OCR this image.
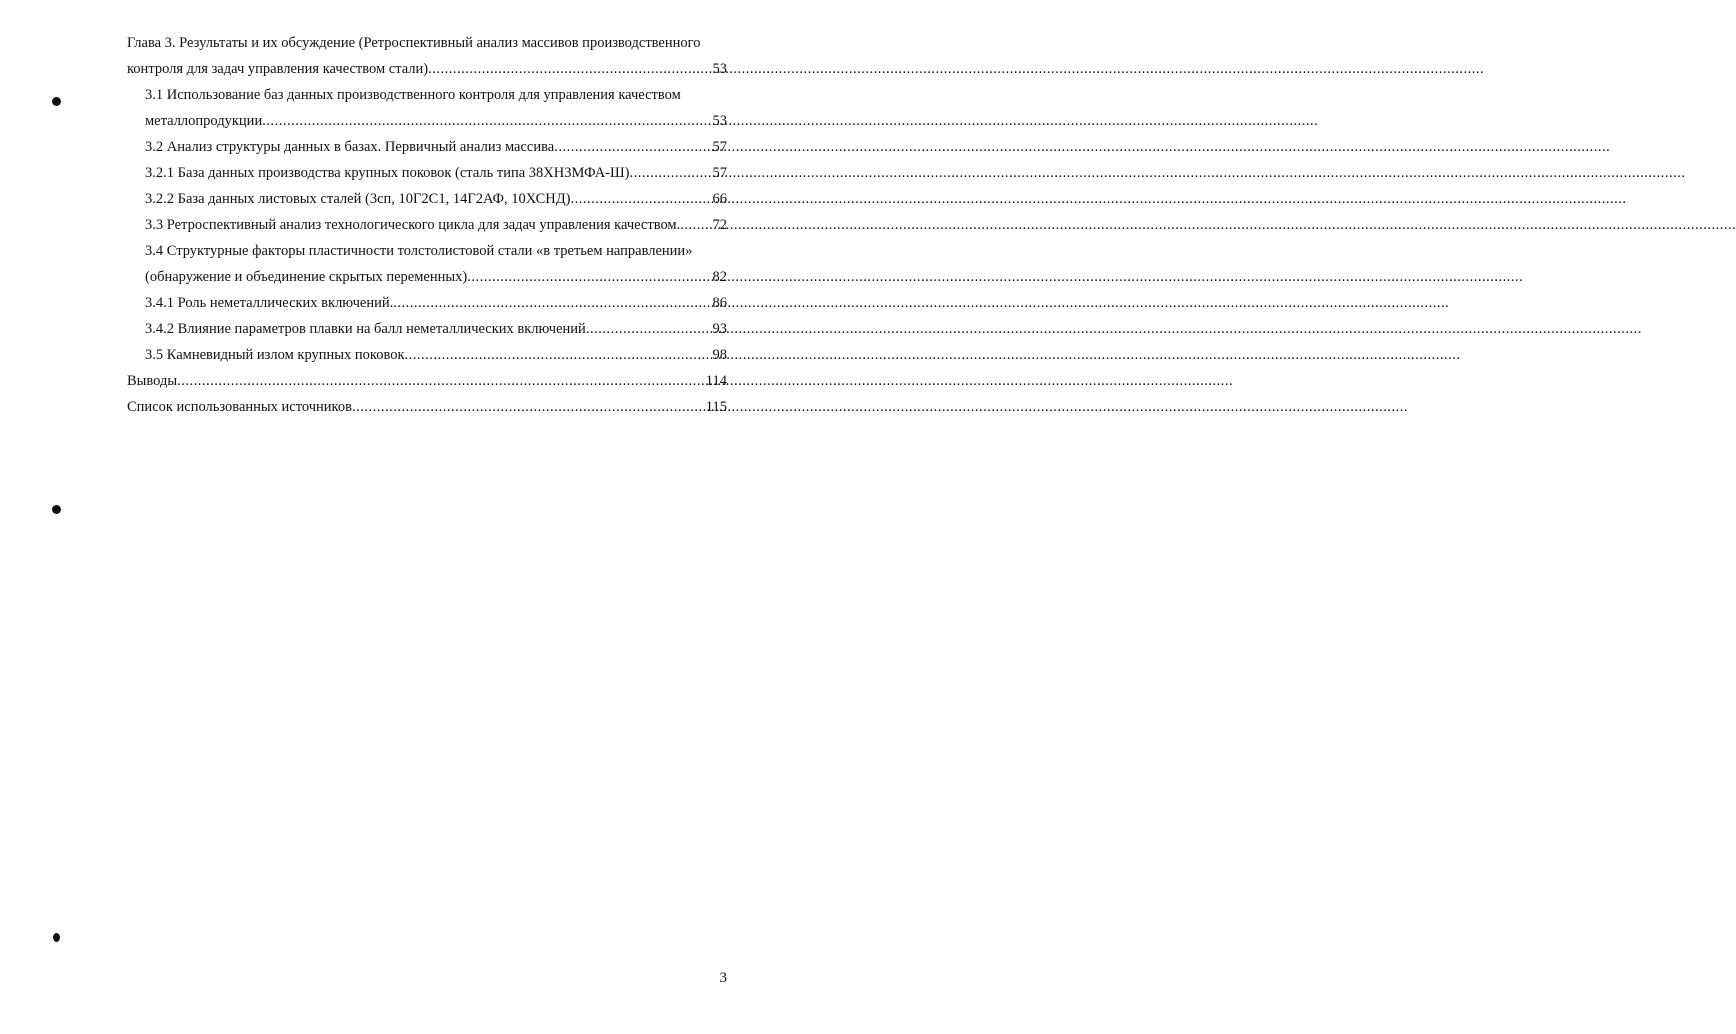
Глава 3. Результаты и их обсуждение (Ретроспективный анализ массивов производственного
контроля для задач управления качеством стали) .....	53
3.1 Использование баз данных производственного контроля для управления качеством
металлопродукции .....	53
3.2 Анализ структуры данных в базах. Первичный анализ массива .....	57
3.2.1 База данных производства крупных поковок (сталь типа 38ХН3МФА-Ш) .....	57
3.2.2 База данных листовых сталей (3сп, 10Г2С1, 14Г2АФ, 10ХСНД) .....	66
3.3 Ретроспективный анализ технологического цикла для задач управления качеством. ..... 72
3.4 Структурные факторы пластичности толстолистовой стали «в третьем направлении»
(обнаружение и объединение скрытых переменных) .....	82
3.4.1 Роль неметаллических включений. .....	86
3.4.2 Влияние параметров плавки на балл неметаллических включений .....	93
3.5 Камневидный излом крупных поковок .....	98
Выводы .....	114
Список использованных источников .....	115
3
